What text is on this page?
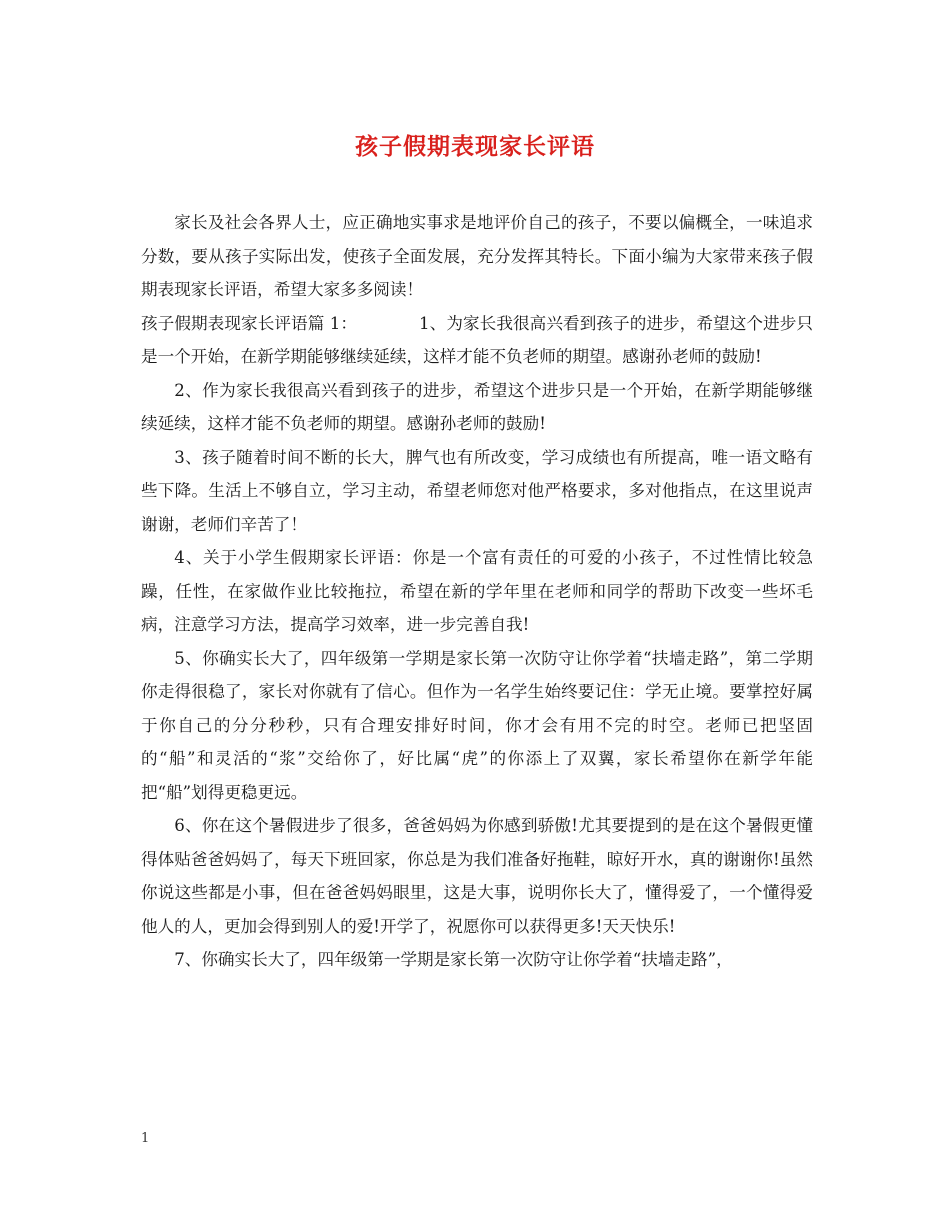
孩子假期表现家长评语

家长及社会各界人士，应正确地实事求是地评价自己的孩子，不要以偏概全，一味追求分数，要从孩子实际出发，使孩子全面发展，充分发挥其特长。下面小编为大家带来孩子假期表现家长评语，希望大家多多阅读！

孩子假期表现家长评语篇 1：	1、为家长我很高兴看到孩子的进步，希望这个进步只是一个开始，在新学期能够继续延续，这样才能不负老师的期望。感谢孙老师的鼓励!

2、作为家长我很高兴看到孩子的进步，希望这个进步只是一个开始，在新学期能够继续延续，这样才能不负老师的期望。感谢孙老师的鼓励!

3、孩子随着时间不断的长大，脾气也有所改变，学习成绩也有所提高，唯一语文略有些下降。生活上不够自立，学习主动，希望老师您对他严格要求，多对他指点，在这里说声谢谢，老师们辛苦了！

4、关于小学生假期家长评语：你是一个富有责任的可爱的小孩子，不过性情比较急躁，任性，在家做作业比较拖拉，希望在新的学年里在老师和同学的帮助下改变一些坏毛病，注意学习方法，提高学习效率，进一步完善自我!

5、你确实长大了，四年级第一学期是家长第一次防守让你学着“扶墙走路”，第二学期你走得很稳了，家长对你就有了信心。但作为一名学生始终要记住：学无止境。要掌控好属于你自己的分分秒秒，只有合理安排好时间，你才会有用不完的时空。老师已把坚固的“船”和灵活的“浆”交给你了，好比属“虎”的你添上了双翼，家长希望你在新学年能把“船”划得更稳更远。

6、你在这个暑假进步了很多，爸爸妈妈为你感到骄傲!尤其要提到的是在这个暑假更懂得体贴爸爸妈妈了，每天下班回家，你总是为我们准备好拖鞋，晾好开水，真的谢谢你!虽然你说这些都是小事，但在爸爸妈妈眼里，这是大事，说明你长大了，懂得爱了，一个懂得爱他人的人，更加会得到别人的爱!开学了，祝愿你可以获得更多!天天快乐!

7、你确实长大了，四年级第一学期是家长第一次防守让你学着“扶墙走路”，

1
